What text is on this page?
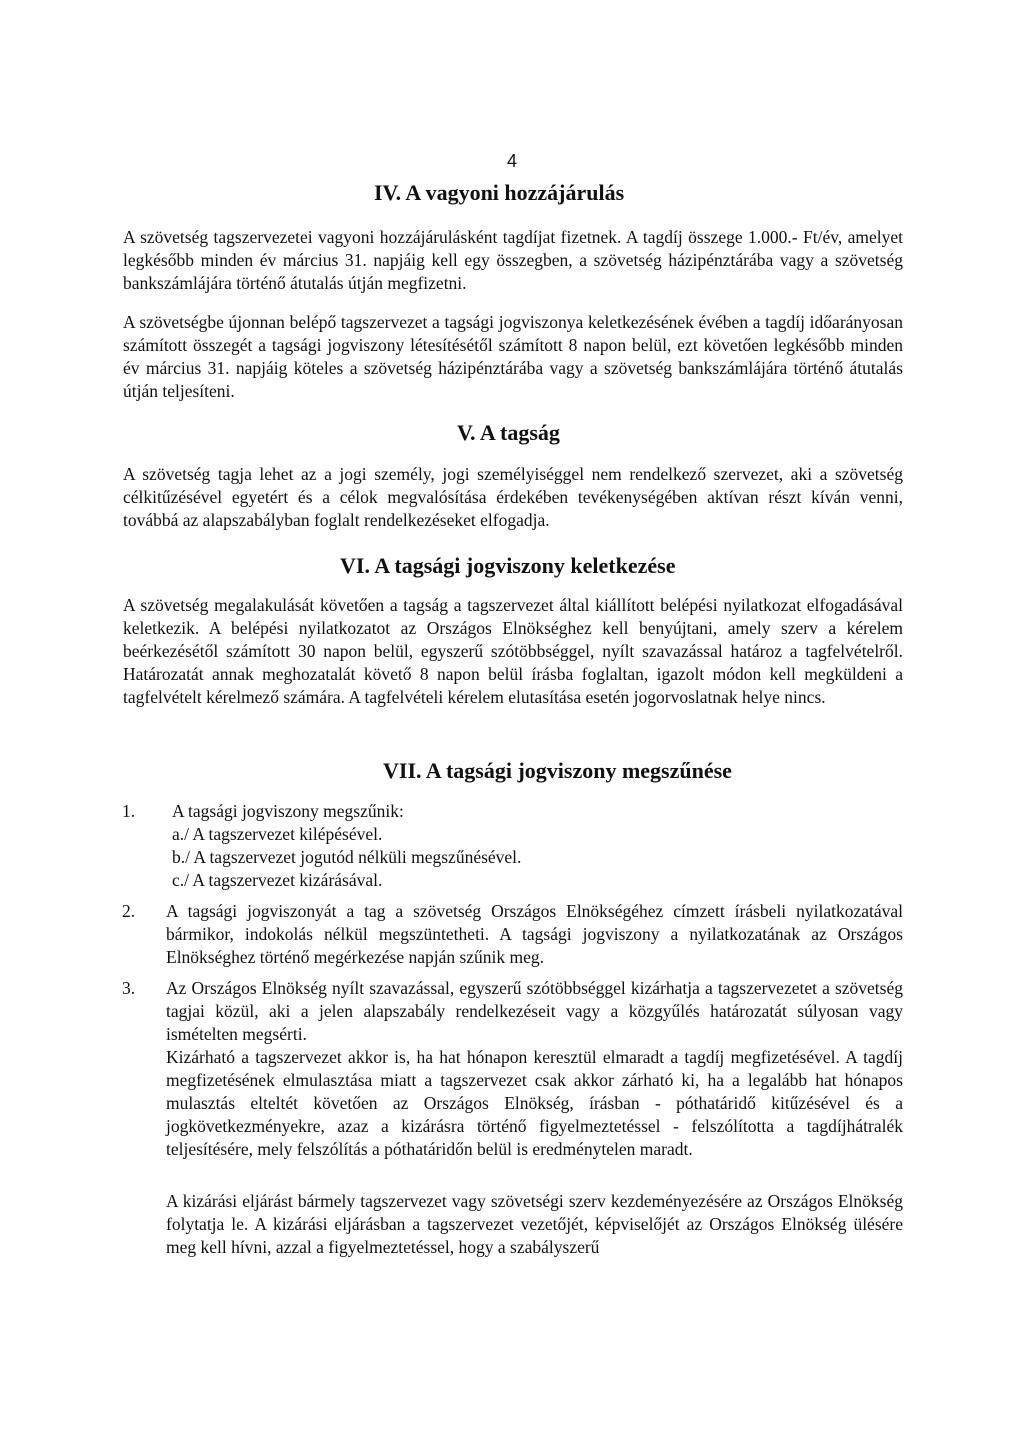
4
IV. A vagyoni hozzájárulás
A szövetség tagszervezetei vagyoni hozzájárulásként tagdíjat fizetnek. A tagdíj összege 1.000.- Ft/év, amelyet legkésőbb minden év március 31. napjáig kell egy összegben, a szövetség házipénztárába vagy a szövetség bankszámlájára történő átutalás útján megfizetni.
A szövetségbe újonnan belépő tagszervezet a tagsági jogviszonya keletkezésének évében a tagdíj időarányosan számított összegét a tagsági jogviszony létesítésétől számított 8 napon belül, ezt követően legkésőbb minden év március 31. napjáig köteles a szövetség házipénztárába vagy a szövetség bankszámlájára történő átutalás útján teljesíteni.
V. A tagság
A szövetség tagja lehet az a jogi személy, jogi személyiséggel nem rendelkező szervezet, aki a szövetség célkitűzésével egyetért és a célok megvalósítása érdekében tevékenységében aktívan részt kíván venni, továbbá az alapszabályban foglalt rendelkezéseket elfogadja.
VI. A tagsági jogviszony keletkezése
A szövetség megalakulását követően a tagság a tagszervezet által kiállított belépési nyilatkozat elfogadásával keletkezik. A belépési nyilatkozatot az Országos Elnökséghez kell benyújtani, amely szerv a kérelem beérkezésétől számított 30 napon belül, egyszerű szótöbbséggel, nyílt szavazással határoz a tagfelvételről. Határozatát annak meghozatalát követő 8 napon belül írásba foglaltan, igazolt módon kell megküldeni a tagfelvételt kérelmező számára. A tagfelvételi kérelem elutasítása esetén jogorvoslatnak helye nincs.
VII. A tagsági jogviszony megszűnése
1.	A tagsági jogviszony megszűnik:
a./ A tagszervezet kilépésével.
b./ A tagszervezet jogutód nélküli megszűnésével.
c./ A tagszervezet kizárásával.
2.	A tagsági jogviszonyát a tag a szövetség Országos Elnökségéhez címzett írásbeli nyilatkozatával bármikor, indokolás nélkül megszüntetheti. A tagsági jogviszony a nyilatkozatának az Országos Elnökséghez történő megérkezése napján szűnik meg.
3.	Az Országos Elnökség nyílt szavazással, egyszerű szótöbbséggel kizárhatja a tagszervezetet a szövetség tagjai közül, aki a jelen alapszabály rendelkezéseit vagy a közgyűlés határozatát súlyosan vagy ismételten megsérti.
Kizárható a tagszervezet akkor is, ha hat hónapon keresztül elmaradt a tagdíj megfizetésével. A tagdíj megfizetésének elmulasztása miatt a tagszervezet csak akkor zárható ki, ha a legalább hat hónapos mulasztás elteltét követően az Országos Elnökség, írásban - póthatáridő kitűzésével és a jogkövetkezményekre, azaz a kizárásra történő figyelmeztetéssel - felszólította a tagdíjhátralék teljesítésére, mely felszólítás a póthatáridőn belül is eredménytelen maradt.
A kizárási eljárást bármely tagszervezet vagy szövetségi szerv kezdeményezésére az Országos Elnökség folytatja le. A kizárási eljárásban a tagszervezet vezetőjét, képviselőjét az Országos Elnökség ülésére meg kell hívni, azzal a figyelmeztetéssel, hogy a szabályszerű
